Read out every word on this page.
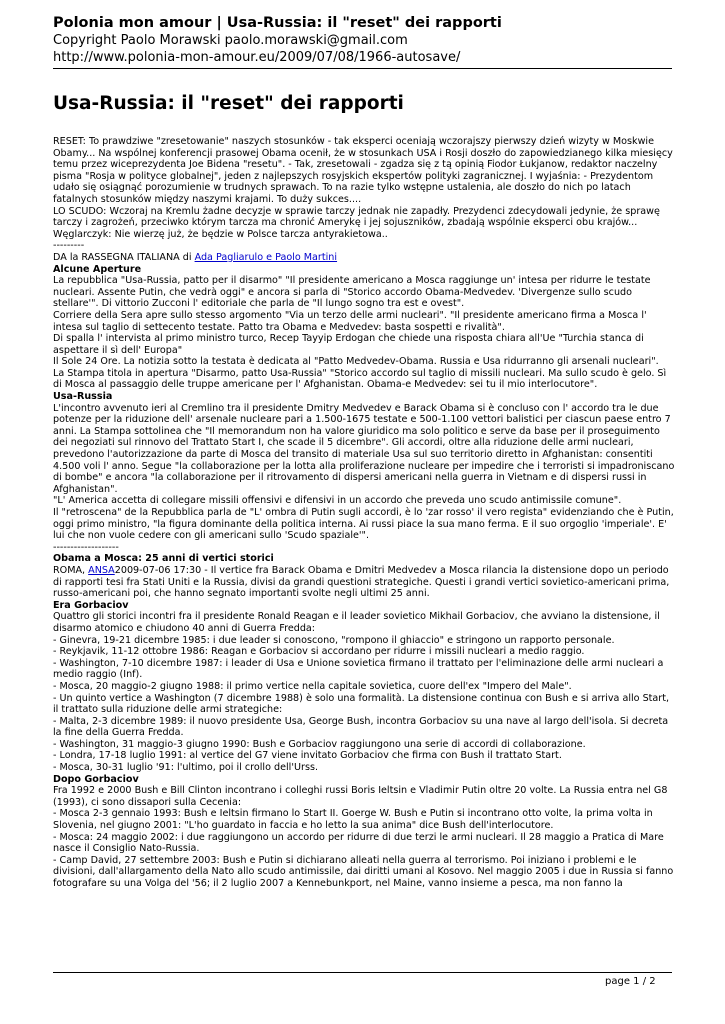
Polonia mon amour | Usa-Russia: il "reset" dei rapporti
Copyright Paolo Morawski paolo.morawski@gmail.com
http://www.polonia-mon-amour.eu/2009/07/08/1966-autosave/
Usa-Russia: il "reset" dei rapporti

RESET: To prawdziwe "zresetowanie" naszych stosunków - tak eksperci oceniają wczorajszy pierwszy dzień wizyty w Moskwie Obamy... Na wspólnej konferencji prasowej Obama ocenił, że w stosunkach USA i Rosji doszło do zapowiedzianego kilka miesięcy temu przez wiceprezydenta Joe Bidena "resetu". - Tak, zresetowali - zgadza się z tą opinią Fiodor Łukjanow, redaktor naczelny pisma "Rosja w polityce globalnej", jeden z najlepszych rosyjskich ekspertów polityki zagranicznej. I wyjaśnia: - Prezydentom udało się osiągnąć porozumienie w trudnych sprawach. To na razie tylko wstępne ustalenia, ale doszło do nich po latach fatalnych stosunków między naszymi krajami. To duży sukces....

LO SCUDO: Wczoraj na Kremlu żadne decyzje w sprawie tarczy jednak nie zapadły. Prezydenci zdecydowali jedynie, że sprawę tarczy i zagrożeń, przeciwko którym tarcza ma chronić Amerykę i jej sojuszników, zbadają wspólnie eksperci obu krajów... Węglarczyk: Nie wierzę już, że będzie w Polsce tarcza antyrakietowa..

---------

DA la RASSEGNA ITALIANA di Ada Pagliarulo e Paolo Martini

Alcune Aperture

La repubblica "Usa-Russia, patto per il disarmo" "Il presidente americano a Mosca raggiunge un' intesa per ridurre le testate nucleari. Assente Putin, che vedrà oggi" e ancora si parla di "Storico accordo Obama-Medvedev. 'Divergenze sullo scudo stellare'". Di vittorio Zucconi l' editoriale che parla de "Il lungo sogno tra est e ovest".

Corriere della Sera apre sullo stesso argomento "Via un terzo delle armi nucleari". "Il presidente americano firma a Mosca l' intesa sul taglio di settecento testate. Patto tra Obama e Medvedev: basta sospetti e rivalità".

Di spalla l' intervista al primo ministro turco, Recep Tayyip Erdogan che chiede una risposta chiara all'Ue "Turchia stanca di aspettare il sì dell' Europa"

Il Sole 24 Ore. La notizia sotto la testata è dedicata al "Patto Medvedev-Obama. Russia e Usa ridurranno gli arsenali nucleari".

La Stampa titola in apertura "Disarmo, patto Usa-Russia" "Storico accordo sul taglio di missili nucleari. Ma sullo scudo è gelo. Sì di Mosca al passaggio delle truppe americane per l' Afghanistan. Obama-e Medvedev: sei tu il mio interlocutore".

Usa-Russia

L'incontro avvenuto ieri al Cremlino tra il presidente Dmitry Medvedev e Barack Obama si è concluso con l' accordo tra le due potenze per la riduzione dell' arsenale nucleare pari a 1.500-1675 testate e 500-1.100 vettori balistici per ciascun paese entro 7 anni. La Stampa sottolinea che "Il memorandum non ha valore giuridico ma solo politico e serve da base per il proseguimento dei negoziati sul rinnovo del Trattato Start I, che scade il 5 dicembre". Gli accordi, oltre alla riduzione delle armi nucleari, prevedono l'autorizzazione da parte di Mosca del transito di materiale Usa sul suo territorio diretto in Afghanistan: consentiti 4.500 voli l' anno. Segue "la collaborazione per la lotta alla proliferazione nucleare per impedire che i terroristi si impadroniscano di bombe" e ancora "la collaborazione per il ritrovamento di dispersi americani nella guerra in Vietnam e di dispersi russi in Afghanistan".

"L' America accetta di collegare missili offensivi e difensivi in un accordo che preveda uno scudo antimissile comune".

Il "retroscena" de la Repubblica parla de "L' ombra di Putin sugli accordi, è lo 'zar rosso' il vero regista" evidenziando che è Putin, oggi primo ministro, "la figura dominante della politica interna. Ai russi piace la sua mano ferma. E il suo orgoglio 'imperiale'. E' lui che non vuole cedere con gli americani sullo 'Scudo spaziale'".

-------------------

Obama a Mosca: 25 anni di vertici storici

ROMA, ANSA2009-07-06 17:30 - Il vertice fra Barack Obama e Dmitri Medvedev a Mosca rilancia la distensione dopo un periodo di rapporti tesi fra Stati Uniti e la Russia, divisi da grandi questioni strategiche. Questi i grandi vertici sovietico-americani prima, russo-americani poi, che hanno segnato importanti svolte negli ultimi 25 anni.

Era Gorbaciov

Quattro gli storici incontri fra il presidente Ronald Reagan e il leader sovietico Mikhail Gorbaciov, che avviano la distensione, il disarmo atomico e chiudono 40 anni di Guerra Fredda:

- Ginevra, 19-21 dicembre 1985: i due leader si conoscono, "rompono il ghiaccio" e stringono un rapporto personale.

- Reykjavik, 11-12 ottobre 1986: Reagan e Gorbaciov si accordano per ridurre i missili nucleari a medio raggio.

- Washington, 7-10 dicembre 1987: i leader di Usa e Unione sovietica firmano il trattato per l'eliminazione delle armi nucleari a medio raggio (Inf).

- Mosca, 20 maggio-2 giugno 1988: il primo vertice nella capitale sovietica, cuore dell'ex "Impero del Male".

- Un quinto vertice a Washington (7 dicembre 1988) è solo una formalità. La distensione continua con Bush e si arriva allo Start, il trattato sulla riduzione delle armi strategiche:

- Malta, 2-3 dicembre 1989: il nuovo presidente Usa, George Bush, incontra Gorbaciov su una nave al largo dell'isola. Si decreta la fine della Guerra Fredda.

- Washington, 31 maggio-3 giugno 1990: Bush e Gorbaciov raggiungono una serie di accordi di collaborazione.

- Londra, 17-18 luglio 1991: al vertice del G7 viene invitato Gorbaciov che firma con Bush il trattato Start.

- Mosca, 30-31 luglio '91: l'ultimo, poi il crollo dell'Urss.

Dopo Gorbaciov

Fra 1992 e 2000 Bush e Bill Clinton incontrano i colleghi russi Boris Ieltsin e Vladimir Putin oltre 20 volte. La Russia entra nel G8 (1993), ci sono dissapori sulla Cecenia:

- Mosca 2-3 gennaio 1993: Bush e Ieltsin firmano lo Start II. Goerge W. Bush e Putin si incontrano otto volte, la prima volta in Slovenia, nel giugno 2001: "L'ho guardato in faccia e ho letto la sua anima" dice Bush dell'interlocutore.

- Mosca: 24 maggio 2002: i due raggiungono un accordo per ridurre di due terzi le armi nucleari. Il 28 maggio a Pratica di Mare nasce il Consiglio Nato-Russia.

- Camp David, 27 settembre 2003: Bush e Putin si dichiarano alleati nella guerra al terrorismo. Poi iniziano i problemi e le divisioni, dall'allargamento della Nato allo scudo antimissile, dai diritti umani al Kosovo. Nel maggio 2005 i due in Russia si fanno fotografare su una Volga del '56; il 2 luglio 2007 a Kennebunkport, nel Maine, vanno insieme a pesca, ma non fanno la

page 1 / 2
